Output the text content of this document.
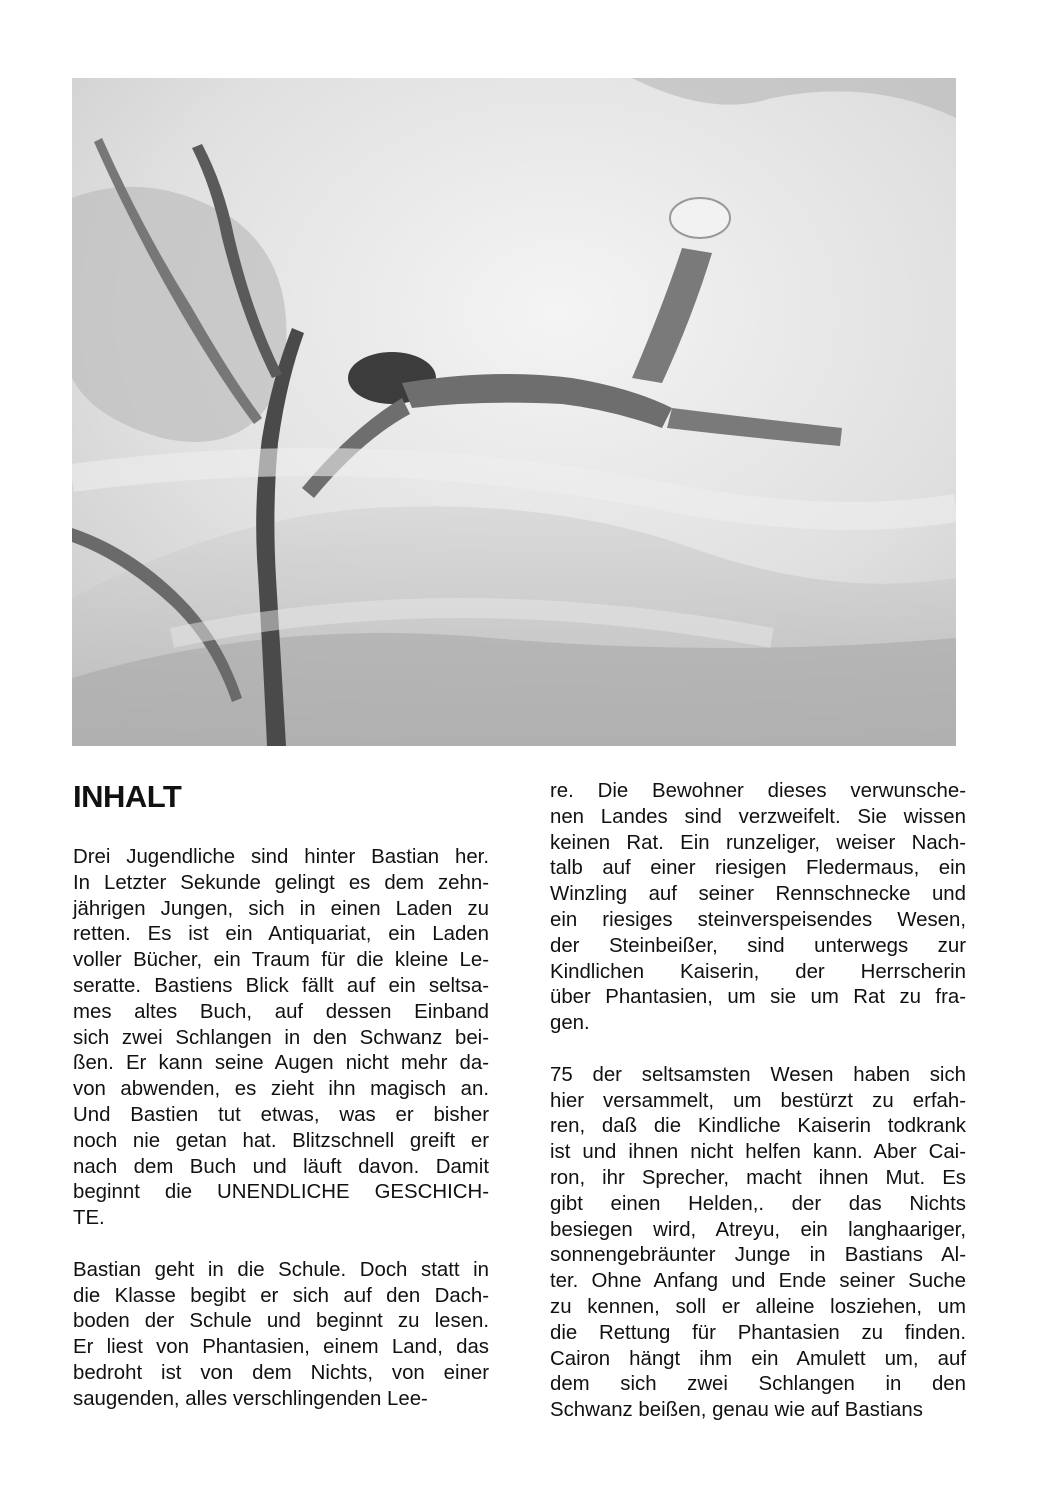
INHALT

Drei Jugendliche sind hinter Bastian her.
In Letzter Sekunde gelingt es dem zehn-
jährigen Jungen, sich in einen Laden zu
retten. Es ist ein Antiquariat, ein Laden
voller Bücher, ein Traum für die kleine Le-
seratte. Bastiens Blick fällt auf ein seltsa-
mes altes Buch, auf dessen Einband
sich zwei Schlangen in den Schwanz bei-
ßen. Er kann seine Augen nicht mehr da-
von abwenden, es zieht ihn magisch an.
Und Bastien tut etwas, was er bisher
noch nie getan hat. Blitzschnell greift er
nach dem Buch und läuft davon. Damit
beginnt die UNENDLICHE GESCHICH-
TE.

Bastian geht in die Schule. Doch statt in
die Klasse begibt er sich auf den Dach-
boden der Schule und beginnt zu lesen.
Er liest von Phantasien, einem Land, das
bedroht ist von dem Nichts, von einer
saugenden, alles verschlingenden Lee-

re. Die Bewohner dieses verwunsche-
nen Landes sind verzweifelt. Sie wissen
keinen Rat. Ein runzeliger, weiser Nach-
talb auf einer riesigen Fledermaus, ein
Winzling auf seiner Rennschnecke und
ein riesiges steinverspeisendes Wesen,
der Steinbeißer, sind unterwegs zur
Kindlichen Kaiserin, der Herrscherin
über Phantasien, um sie um Rat zu fra-
gen.

75 der seltsamsten Wesen haben sich
hier versammelt, um bestürzt zu erfah-
ren, daß die Kindliche Kaiserin todkrank
ist und ihnen nicht helfen kann. Aber Cai-
ron, ihr Sprecher, macht ihnen Mut. Es
gibt einen Helden,. der das Nichts
besiegen wird, Atreyu, ein langhaariger,
sonnengebräunter Junge in Bastians Al-
ter. Ohne Anfang und Ende seiner Suche
zu kennen, soll er alleine losziehen, um
die Rettung für Phantasien zu finden.
Cairon hängt ihm ein Amulett um, auf
dem sich zwei Schlangen in den
Schwanz beißen, genau wie auf Bastians
